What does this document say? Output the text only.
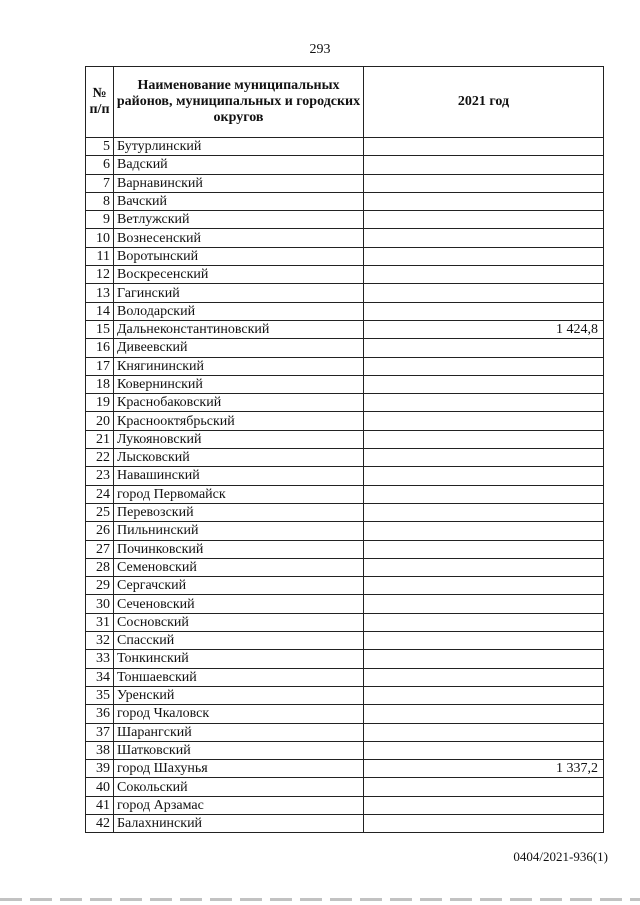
293
№ п/п	Наименование муниципальных районов, муниципальных и городских округов	2021 год
5	Бутурлинский	
6	Вадский	
7	Варнавинский	
8	Вачский	
9	Ветлужский	
10	Вознесенский	
11	Воротынский	
12	Воскресенский	
13	Гагинский	
14	Володарский	
15	Дальнеконстантиновский	1 424,8
16	Дивеевский	
17	Княгининский	
18	Ковернинский	
19	Краснобаковский	
20	Краснооктябрьский	
21	Лукояновский	
22	Лысковский	
23	Навашинский	
24	город Первомайск	
25	Перевозский	
26	Пильнинский	
27	Починковский	
28	Семеновский	
29	Сергачский	
30	Сеченовский	
31	Сосновский	
32	Спасский	
33	Тонкинский	
34	Тоншаевский	
35	Уренский	
36	город Чкаловск	
37	Шарангский	
38	Шатковский	
39	город Шахунья	1 337,2
40	Сокольский	
41	город Арзамас	
42	Балахнинский	
0404/2021-936(1)
